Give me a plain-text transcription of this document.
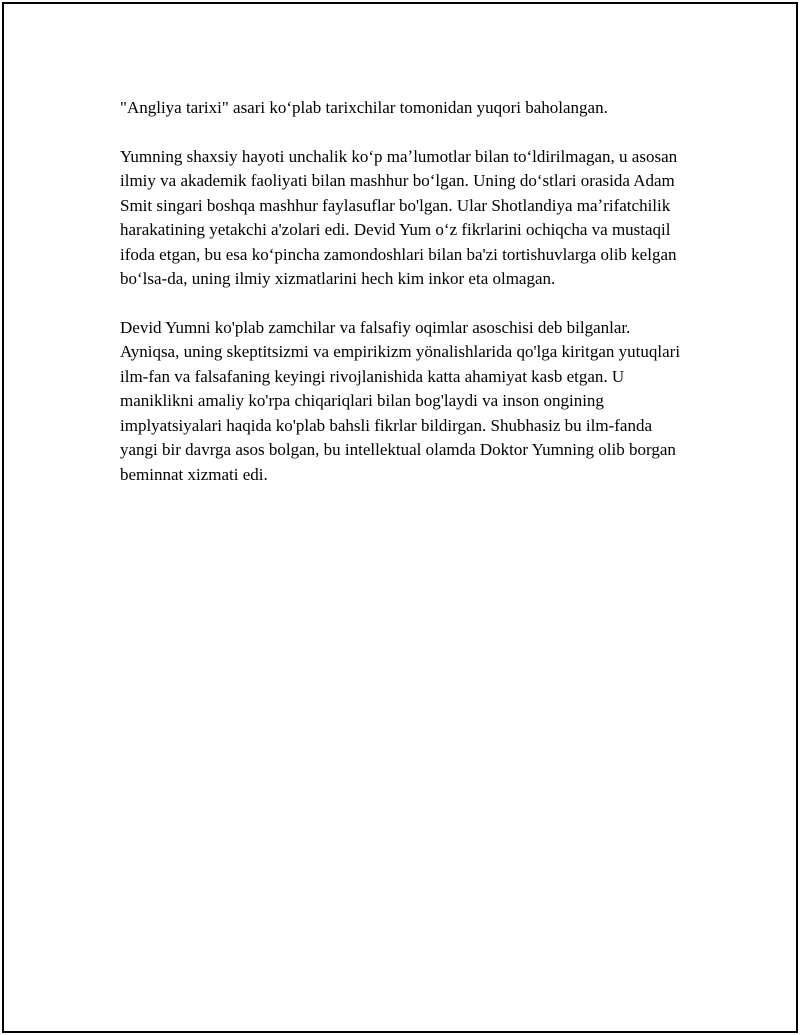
"Angliya tarixi" asari koʻplab tarixchilar tomonidan yuqori baholangan.

Yumning shaxsiy hayoti unchalik koʻp maʼlumotlar bilan toʻldirilmagan, u asosan ilmiy va akademik faoliyati bilan mashhur boʻlgan. Uning doʻstlari orasida Adam Smit singari boshqa mashhur faylasuflar bo'lgan. Ular Shotlandiya maʼrifatchilik harakatining yetakchi a'zolari edi. Devid Yum oʻz fikrlarini ochiqcha va mustaqil ifoda etgan, bu esa koʻpincha zamondoshlari bilan ba'zi tortishuvlarga olib kelgan boʻlsa-da, uning ilmiy xizmatlarini hech kim inkor eta olmagan.

Devid Yumni ko'plab zamchilar va falsafiy oqimlar asoschisi deb bilganlar. Ayniqsa, uning skeptitsizmi va empirikizm yönalishlarida qo'lga kiritgan yutuqlari ilm-fan va falsafaning keyingi rivojlanishida katta ahamiyat kasb etgan. U maniklikni amaliy ko'rpa chiqariqlari bilan bog'laydi va inson ongining implyatsiyalari haqida ko'plab bahsli fikrlar bildirgan. Shubhasiz bu ilm-fanda yangi bir davrga asos bolgan, bu intellektual olamda Doktor Yumning olib borgan beminnat xizmati edi.
